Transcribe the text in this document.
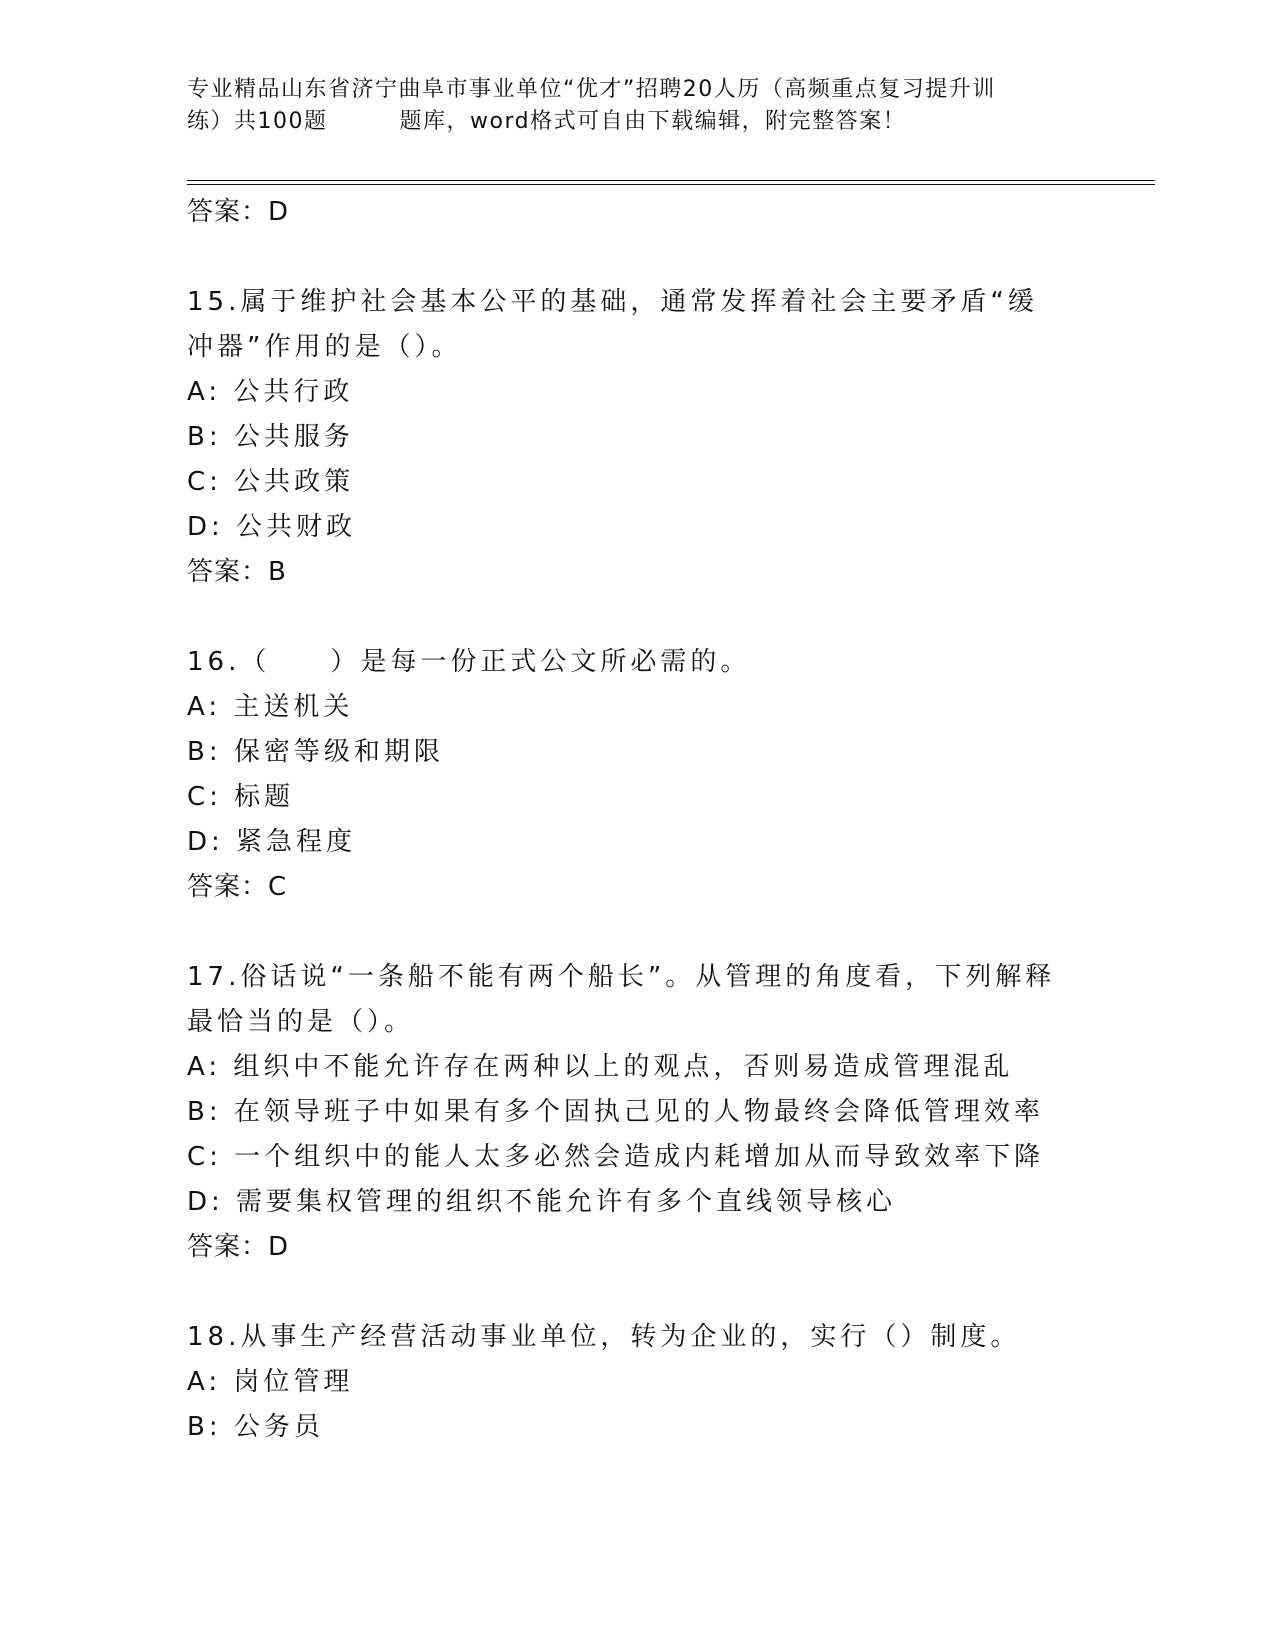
专业精品山东省济宁曲阜市事业单位“优才”招聘20人历（高频重点复习提升训
练）共100题	题库，word格式可自由下载编辑，附完整答案！
答案：D
15.属于维护社会基本公平的基础，通常发挥着社会主要矛盾“缓冲器”作用的是（）。
A: 公共行政
B: 公共服务
C: 公共政策
D: 公共财政
答案：B
16.（　　）是每一份正式公文所必需的。
A: 主送机关
B: 保密等级和期限
C: 标题
D: 紧急程度
答案：C
17.俗话说“一条船不能有两个船长”。从管理的角度看，下列解释最恰当的是（）。
A: 组织中不能允许存在两种以上的观点，否则易造成管理混乱
B: 在领导班子中如果有多个固执己见的人物最终会降低管理效率
C: 一个组织中的能人太多必然会造成内耗增加从而导致效率下降
D: 需要集权管理的组织不能允许有多个直线领导核心
答案：D
18.从事生产经营活动事业单位，转为企业的，实行（）制度。
A: 岗位管理
B: 公务员
